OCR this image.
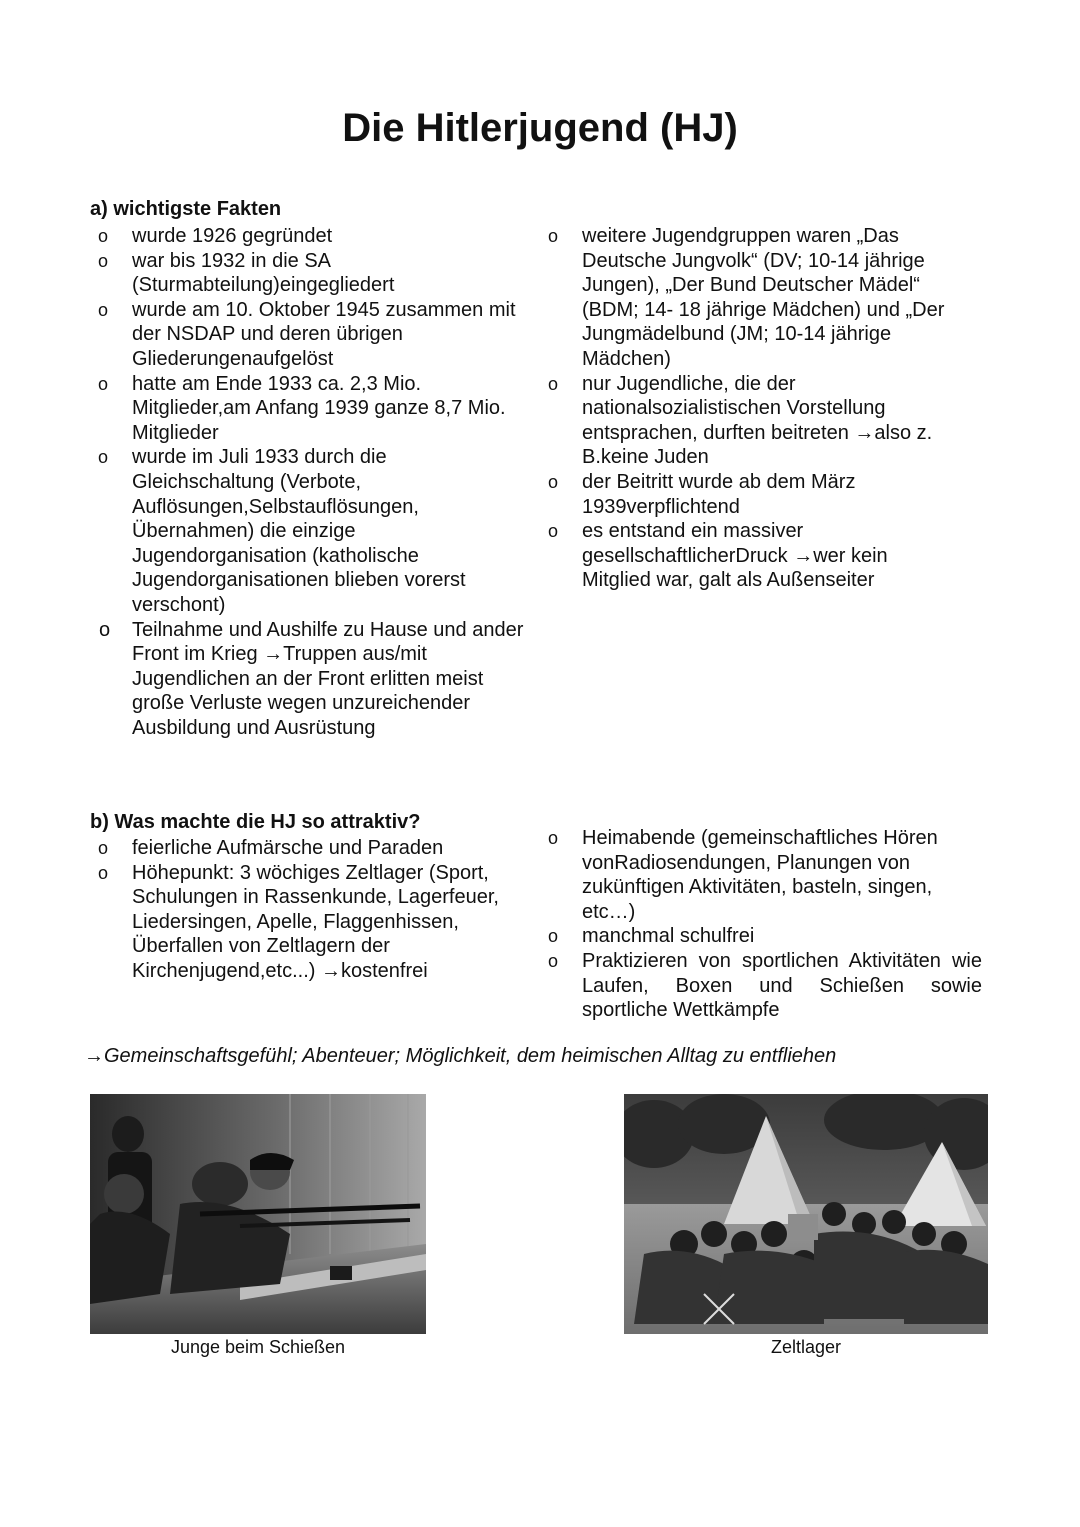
Die Hitlerjugend (HJ)
a) wichtigste Fakten
o wurde 1926 gegründet
o war bis 1932 in die SA (Sturmabteilung)eingegliedert
o wurde am 10. Oktober 1945 zusammen mit der NSDAP und deren übrigen Gliederungenaufgelöst
o hatte am Ende 1933 ca. 2,3 Mio. Mitglieder,am Anfang 1939 ganze 8,7 Mio. Mitglieder
o wurde im Juli 1933 durch die Gleichschaltung (Verbote, Auflösungen,Selbstauflösungen, Übernahmen) die einzige Jugendorganisation (katholische Jugendorganisationen blieben vorerst verschont)
o Teilnahme und Aushilfe zu Hause und ander Front im Krieg →Truppen aus/mit Jugendlichen an der Front erlitten meist große Verluste wegen unzureichender Ausbildung und Ausrüstung
o weitere Jugendgruppen waren „Das Deutsche Jungvolk“ (DV; 10-14 jährige Jungen), „Der Bund Deutscher Mädel“ (BDM; 14- 18 jährige Mädchen) und „Der Jungmädelbund (JM; 10-14 jährige Mädchen)
o nur Jugendliche, die der nationalsozialistischen Vorstellung entsprachen, durften beitreten →also z. B.keine Juden
o der Beitritt wurde ab dem März 1939verpflichtend
o es entstand ein massiver gesellschaftlicherDruck →wer kein Mitglied war, galt als Außenseiter
b) Was machte die HJ so attraktiv?
o feierliche Aufmärsche und Paraden
o Höhepunkt: 3 wöchiges Zeltlager (Sport, Schulungen in Rassenkunde, Lagerfeuer, Liedersingen, Apelle, Flaggenhissen, Überfallen von Zeltlagern der Kirchenjugend,etc...) →kostenfrei
o Heimabende (gemeinschaftliches Hören vonRadiosendungen, Planungen von zukünftigen Aktivitäten, basteln, singen, etc…)
o manchmal schulfrei
o Praktizieren von sportlichen Aktivitäten wie Laufen, Boxen und Schießen sowie sportliche Wettkämpfe

→Gemeinschaftsgefühl; Abenteuer; Möglichkeit, dem heimischen Alltag zu entfliehen

Junge beim Schießen	Zeltlager
